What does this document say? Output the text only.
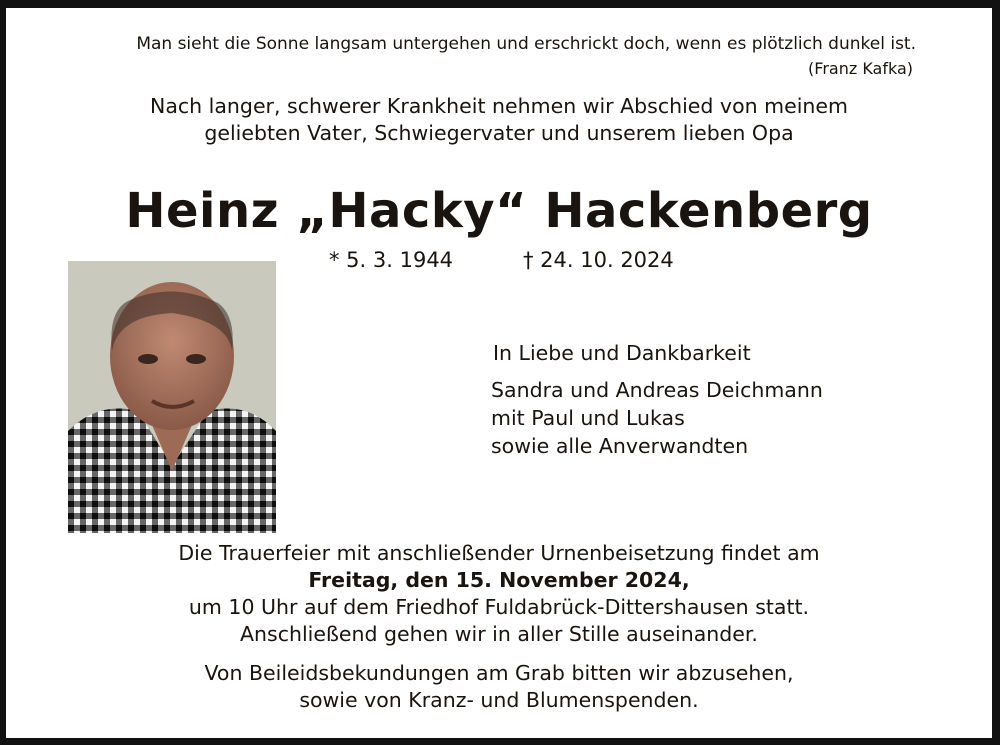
Man sieht die Sonne langsam untergehen und erschrickt doch, wenn es plötzlich dunkel ist.
(Franz Kafka)
Nach langer, schwerer Krankheit nehmen wir Abschied von meinem
geliebten Vater, Schwiegervater und unserem lieben Opa
Heinz „Hacky“ Hackenberg
* 5. 3. 1944	† 24. 10. 2024
In Liebe und Dankbarkeit
Sandra und Andreas Deichmann
mit Paul und Lukas
sowie alle Anverwandten
Die Trauerfeier mit anschließender Urnenbeisetzung findet am
Freitag, den 15. November 2024,
um 10 Uhr auf dem Friedhof Fuldabrück-Dittershausen statt.
Anschließend gehen wir in aller Stille auseinander.
Von Beileidsbekundungen am Grab bitten wir abzusehen,
sowie von Kranz- und Blumenspenden.
